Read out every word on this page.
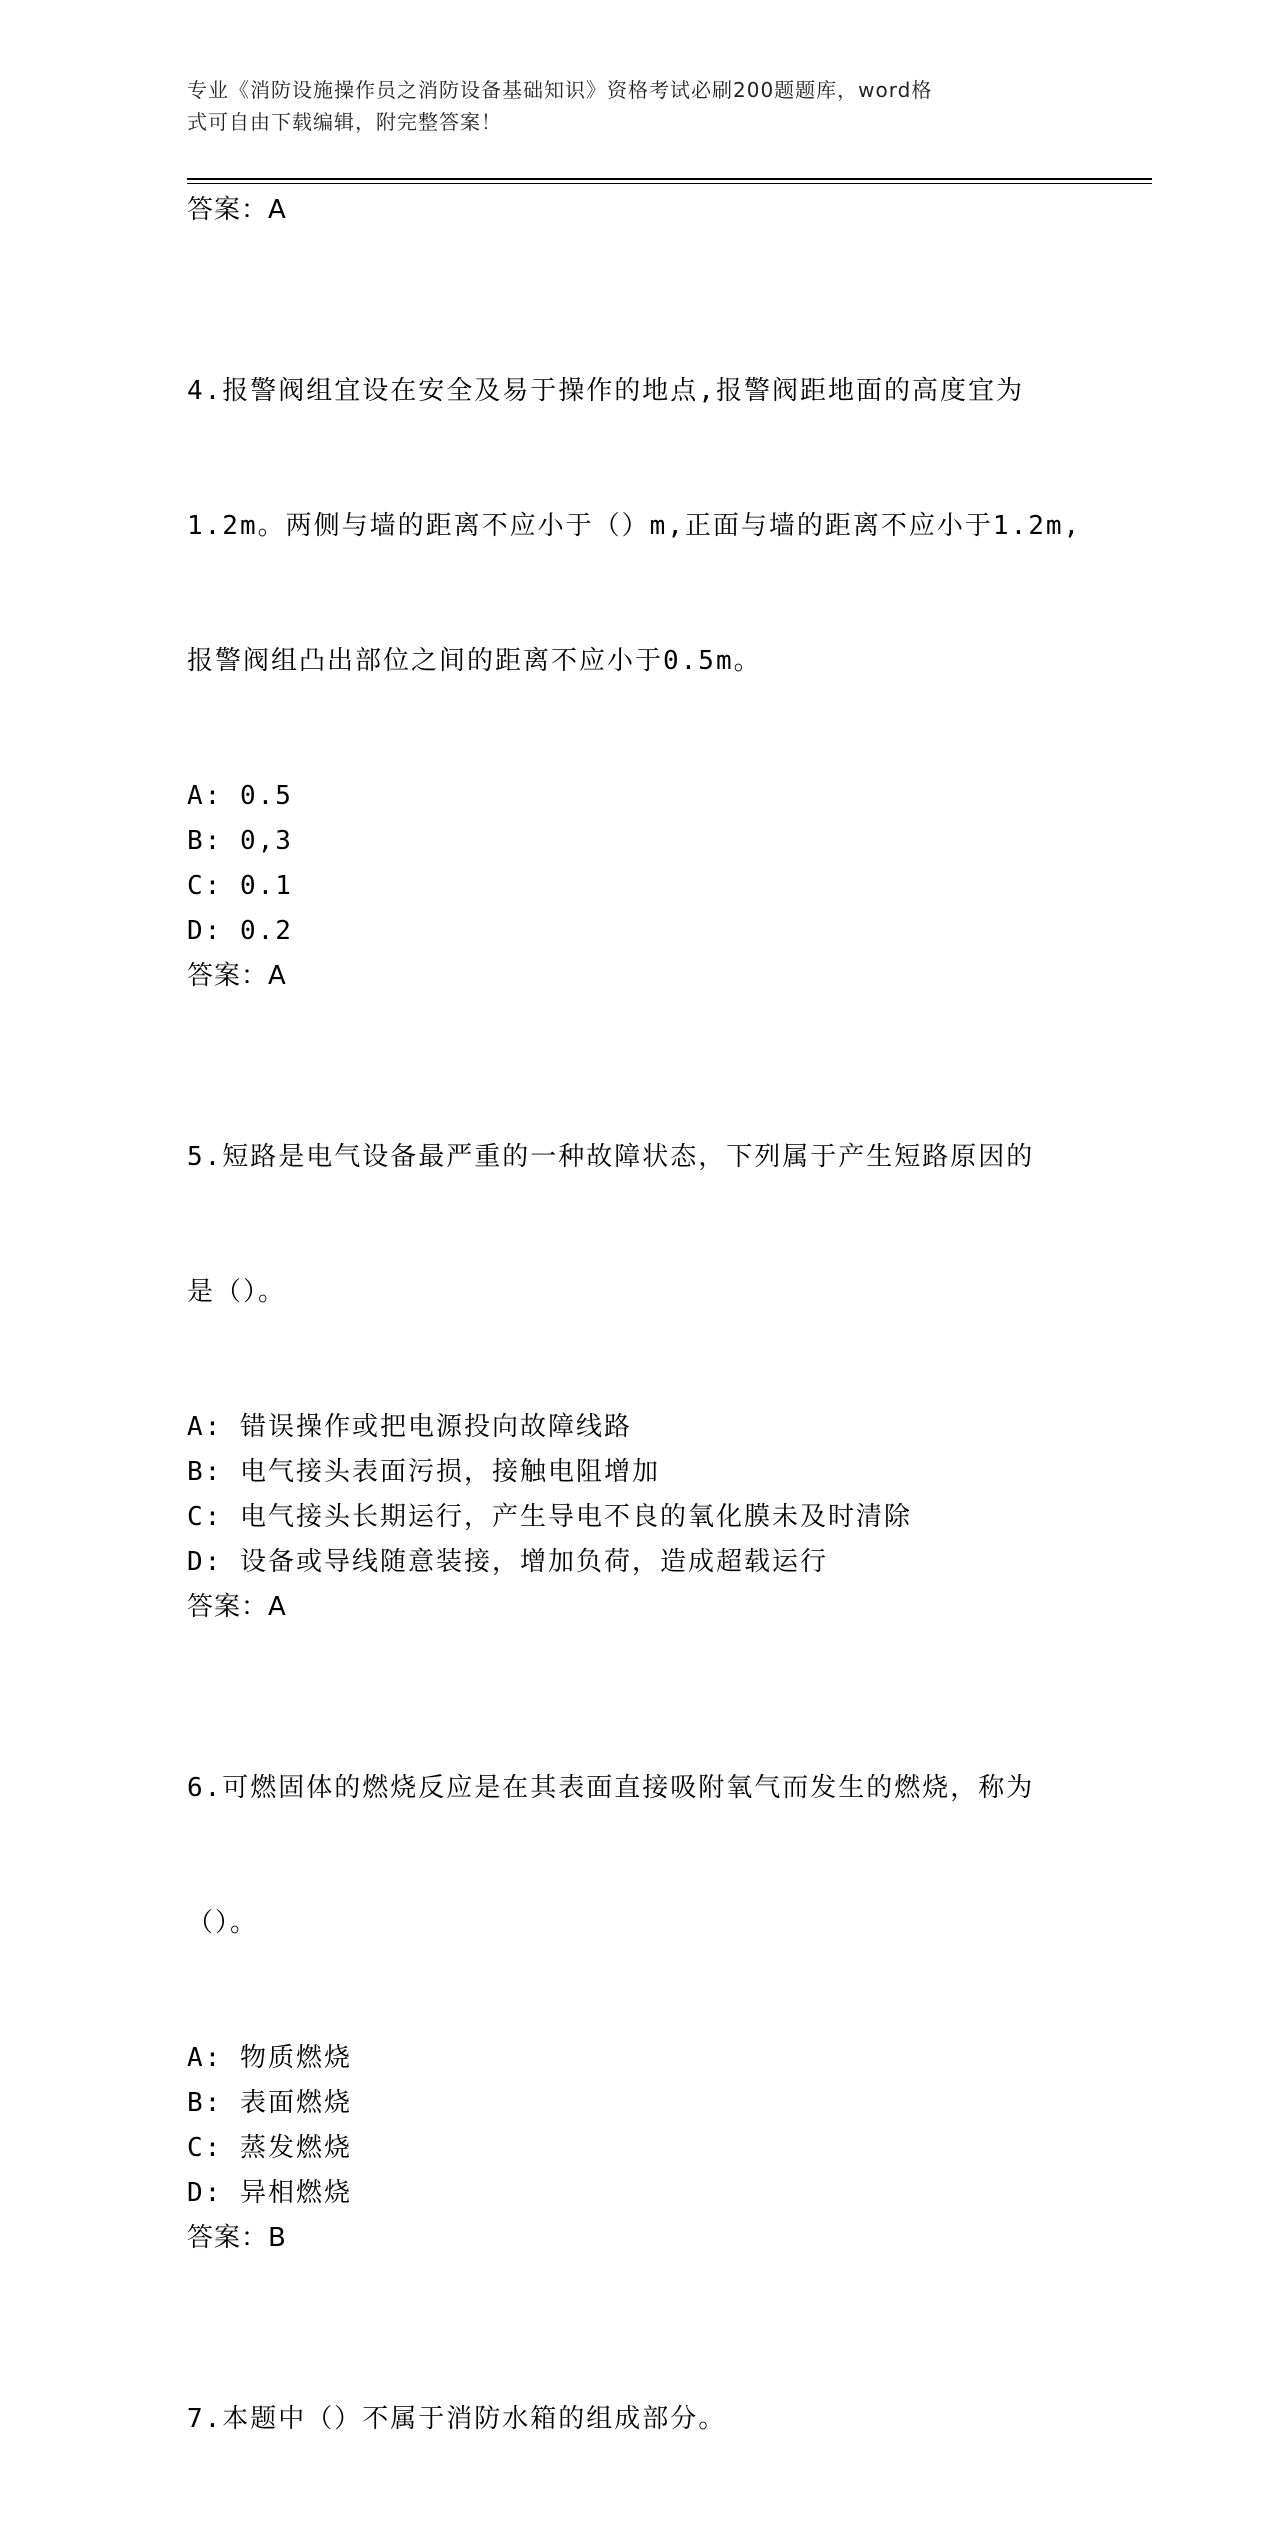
专业《消防设施操作员之消防设备基础知识》资格考试必刷200题题库，word格
式可自由下载编辑，附完整答案！
答案：A

4.报警阀组宜设在安全及易于操作的地点,报警阀距地面的高度宜为

1.2m。两侧与墙的距离不应小于（）m,正面与墙的距离不应小于1.2m,

报警阀组凸出部位之间的距离不应小于0.5m。

A: 0.5
B: 0,3
C: 0.1
D: 0.2
答案：A

5.短路是电气设备最严重的一种故障状态，下列属于产生短路原因的

是（）。

A: 错误操作或把电源投向故障线路
B: 电气接头表面污损，接触电阻增加
C: 电气接头长期运行，产生导电不良的氧化膜未及时清除
D: 设备或导线随意装接，增加负荷，造成超载运行
答案：A

6.可燃固体的燃烧反应是在其表面直接吸附氧气而发生的燃烧，称为

（）。

A: 物质燃烧
B: 表面燃烧
C: 蒸发燃烧
D: 异相燃烧
答案：B

7.本题中（）不属于消防水箱的组成部分。
